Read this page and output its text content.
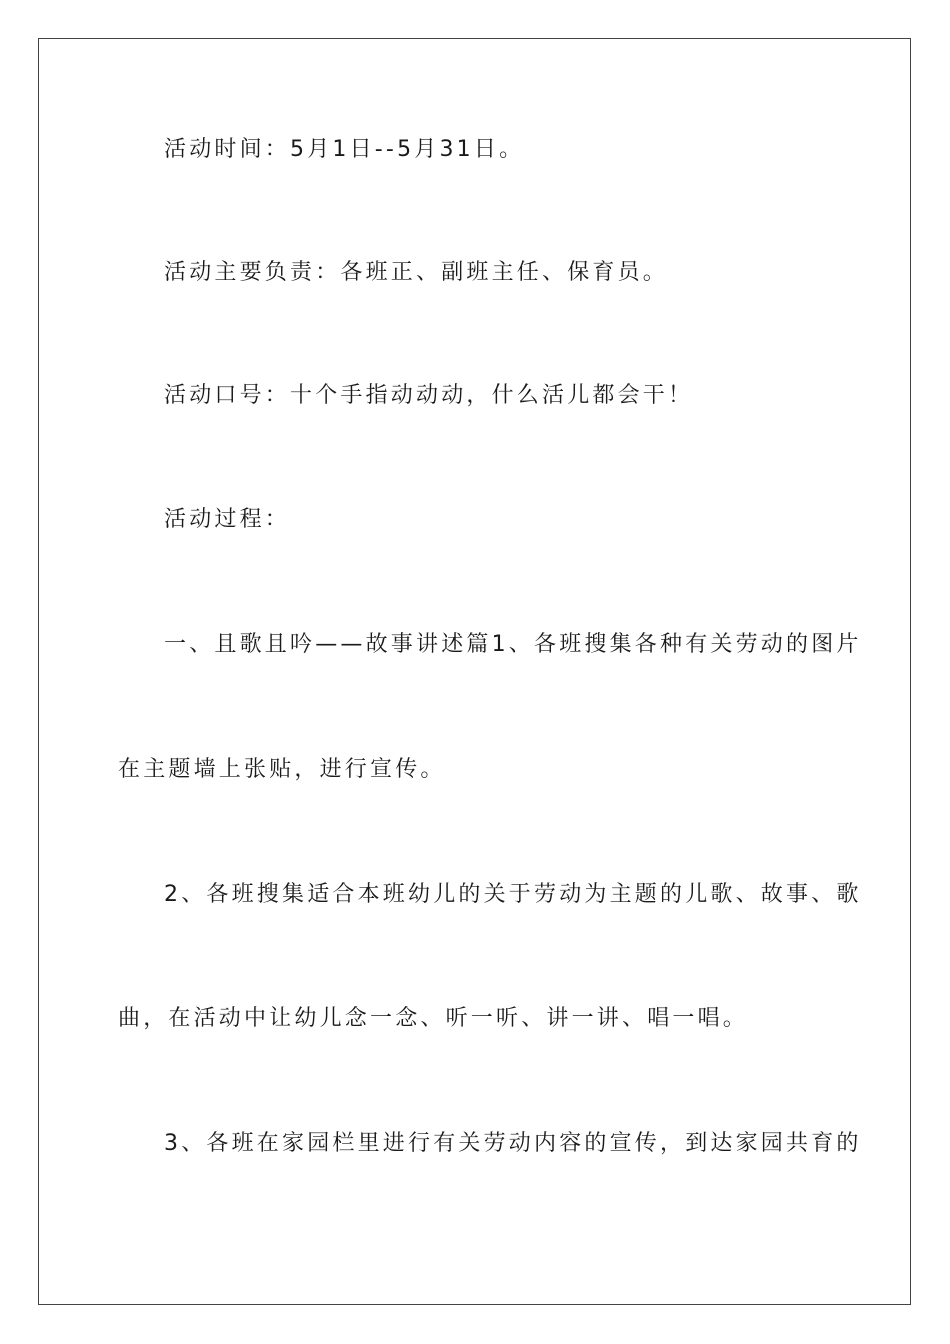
活动时间：5月1日--5月31日。
活动主要负责：各班正、副班主任、保育员。
活动口号：十个手指动动动，什么活儿都会干！
活动过程：
一、且歌且吟——故事讲述篇1、各班搜集各种有关劳动的图片
在主题墙上张贴，进行宣传。
2、各班搜集适合本班幼儿的关于劳动为主题的儿歌、故事、歌
曲，在活动中让幼儿念一念、听一听、讲一讲、唱一唱。
3、各班在家园栏里进行有关劳动内容的宣传，到达家园共育的
